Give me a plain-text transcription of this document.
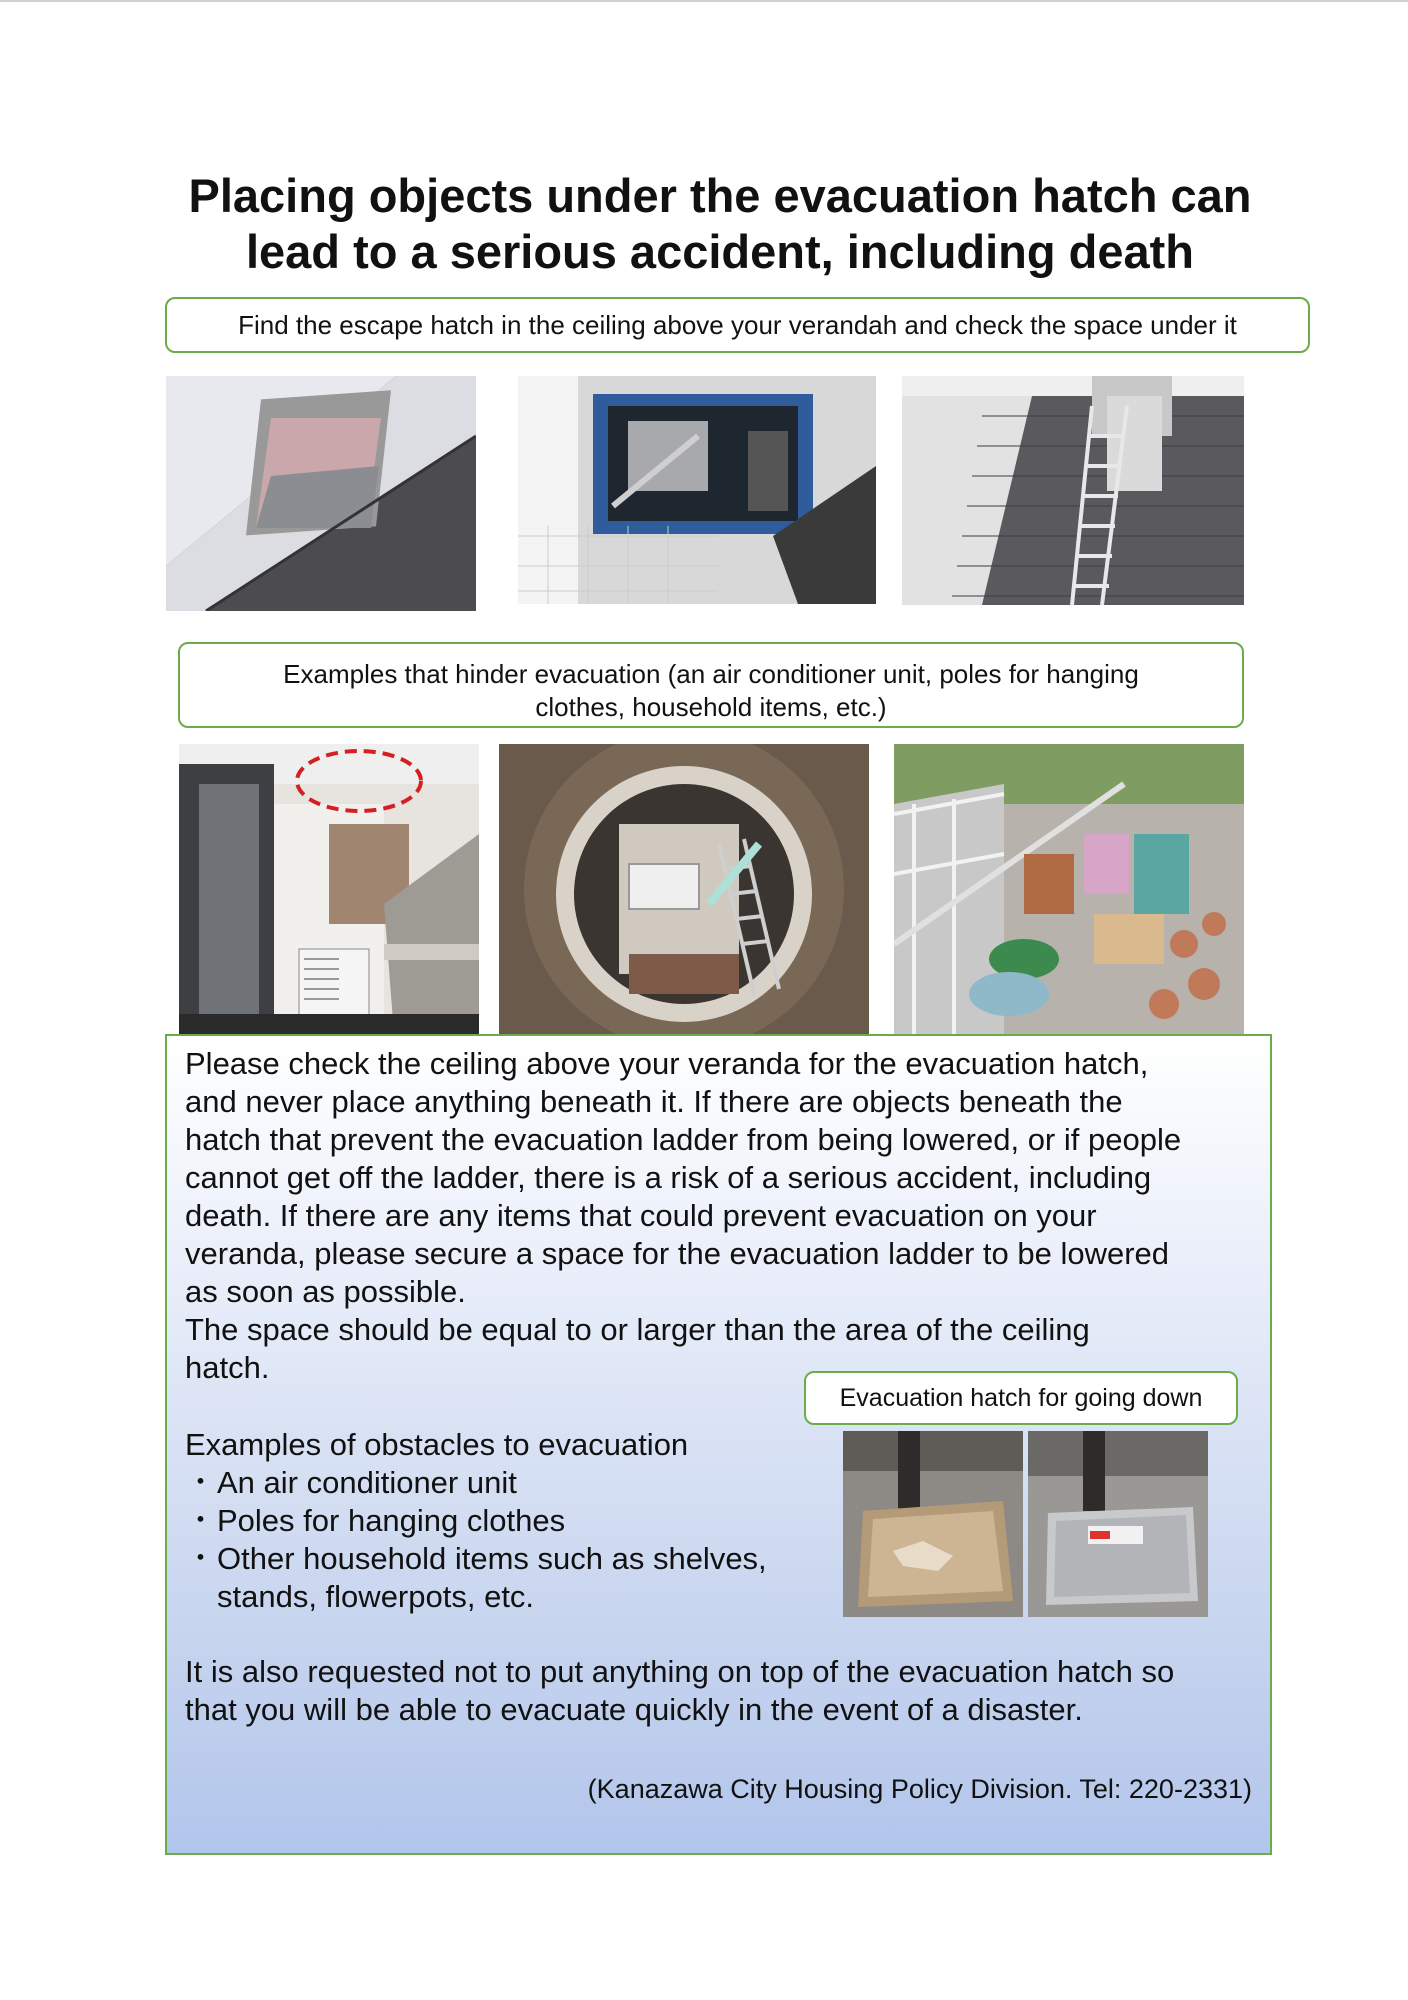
Placing objects under the evacuation hatch can
lead to a serious accident, including death
Find the escape hatch in the ceiling above your verandah and check the space under it
Examples that hinder evacuation (an air conditioner unit, poles for hanging
clothes, household items, etc.)
Please check the ceiling above your veranda for the evacuation hatch,
and never place anything beneath it. If there are objects beneath the
hatch that prevent the evacuation ladder from being lowered, or if people
cannot get off the ladder, there is a risk of a serious accident, including
death. If there are any items that could prevent evacuation on your
veranda, please secure a space for the evacuation ladder to be lowered
as soon as possible.
The space should be equal to or larger than the area of the ceiling
hatch.
Examples of obstacles to evacuation
・ An air conditioner unit
・ Poles for hanging clothes
・ Other household items such as shelves, stands, flowerpots, etc.
Evacuation hatch for going down
It is also requested not to put anything on top of the evacuation hatch so
that you will be able to evacuate quickly in the event of a disaster.
(Kanazawa City Housing Policy Division. Tel: 220-2331)
